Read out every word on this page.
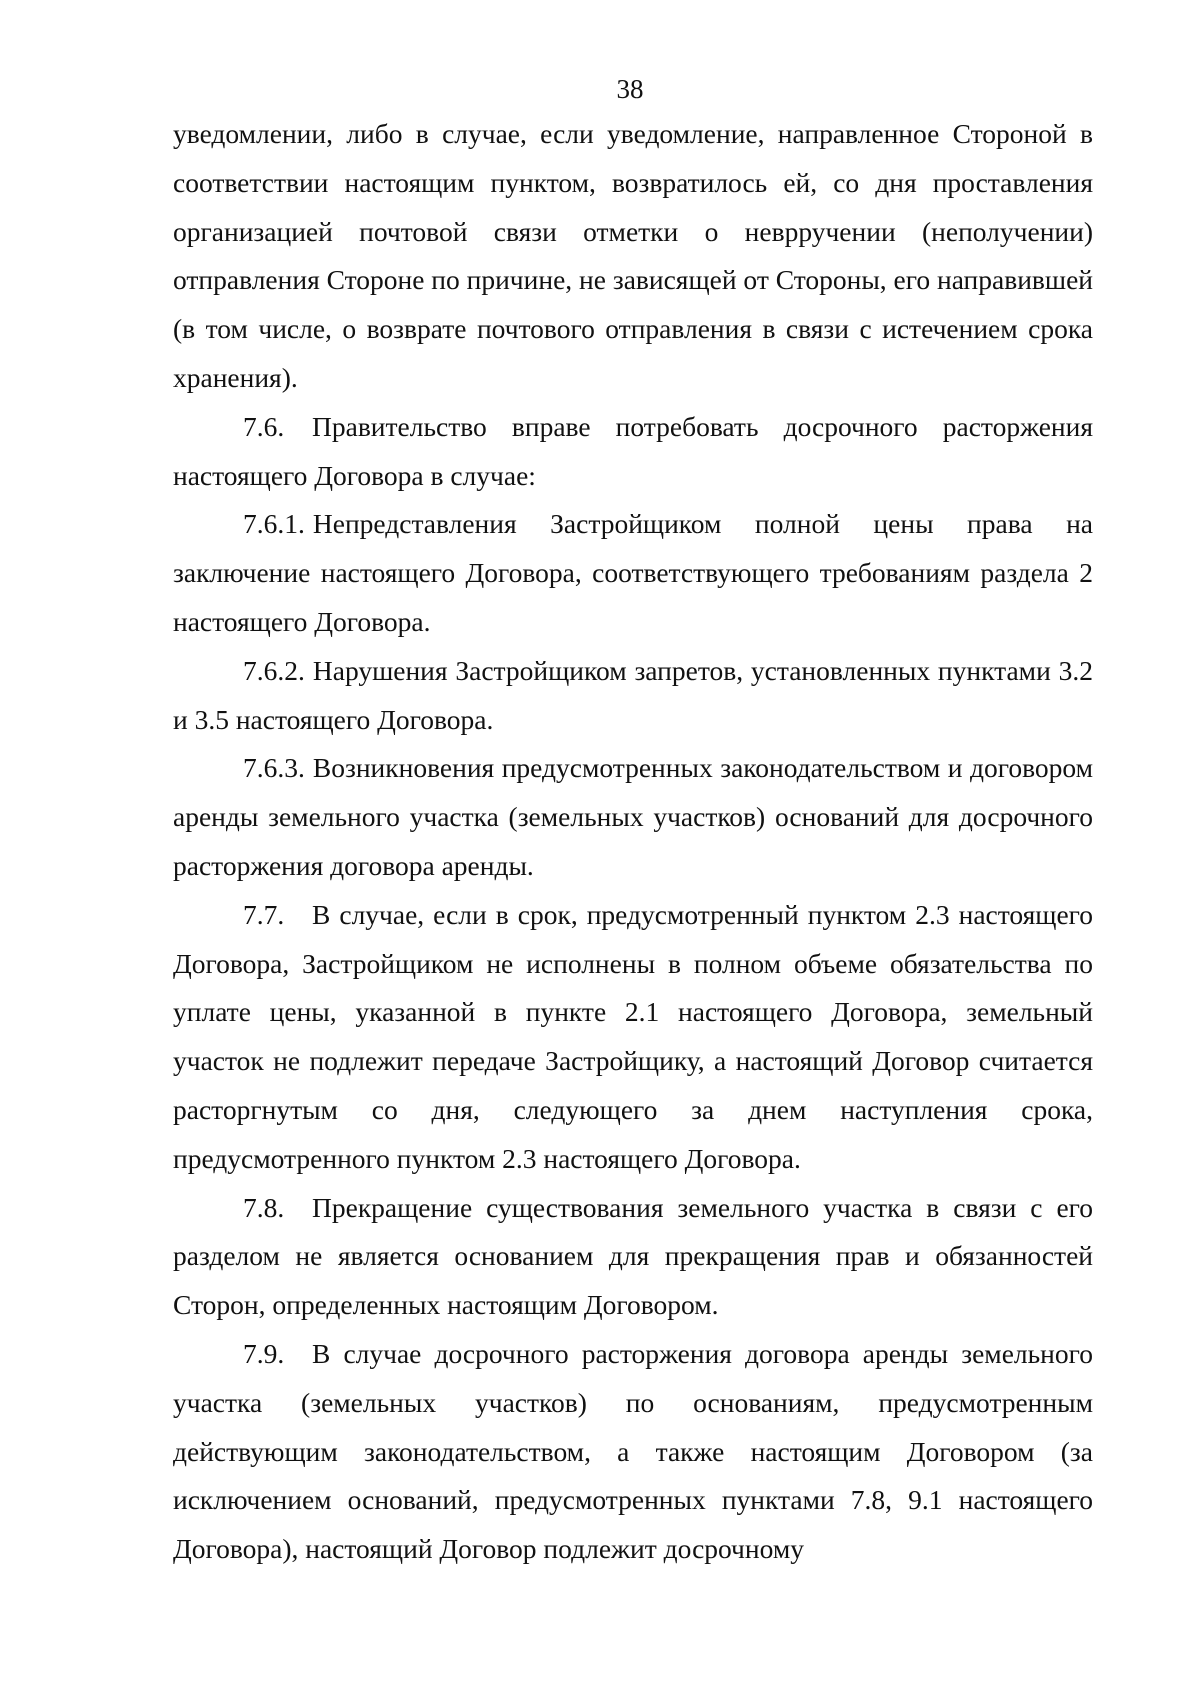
38

уведомлении, либо в случае, если уведомление, направленное Стороной в соответствии настоящим пунктом, возвратилось ей, со дня проставления организацией почтовой связи отметки о неврручении (неполучении) отправления Стороне по причине, не зависящей от Стороны, его направившей (в том числе, о возврате почтового отправления в связи с истечением срока хранения).

7.6. Правительство вправе потребовать досрочного расторжения настоящего Договора в случае:

7.6.1. Непредставления Застройщиком полной цены права на заключение настоящего Договора, соответствующего требованиям раздела 2 настоящего Договора.

7.6.2. Нарушения Застройщиком запретов, установленных пунктами 3.2 и 3.5 настоящего Договора.

7.6.3. Возникновения предусмотренных законодательством и договором аренды земельного участка (земельных участков) оснований для досрочного расторжения договора аренды.

7.7. В случае, если в срок, предусмотренный пунктом 2.3 настоящего Договора, Застройщиком не исполнены в полном объеме обязательства по уплате цены, указанной в пункте 2.1 настоящего Договора, земельный участок не подлежит передаче Застройщику, а настоящий Договор считается расторгнутым со дня, следующего за днем наступления срока, предусмотренного пунктом 2.3 настоящего Договора.

7.8. Прекращение существования земельного участка в связи с его разделом не является основанием для прекращения прав и обязанностей Сторон, определенных настоящим Договором.

7.9. В случае досрочного расторжения договора аренды земельного участка (земельных участков) по основаниям, предусмотренным действующим законодательством, а также настоящим Договором (за исключением оснований, предусмотренных пунктами 7.8, 9.1 настоящего Договора), настоящий Договор подлежит досрочному
